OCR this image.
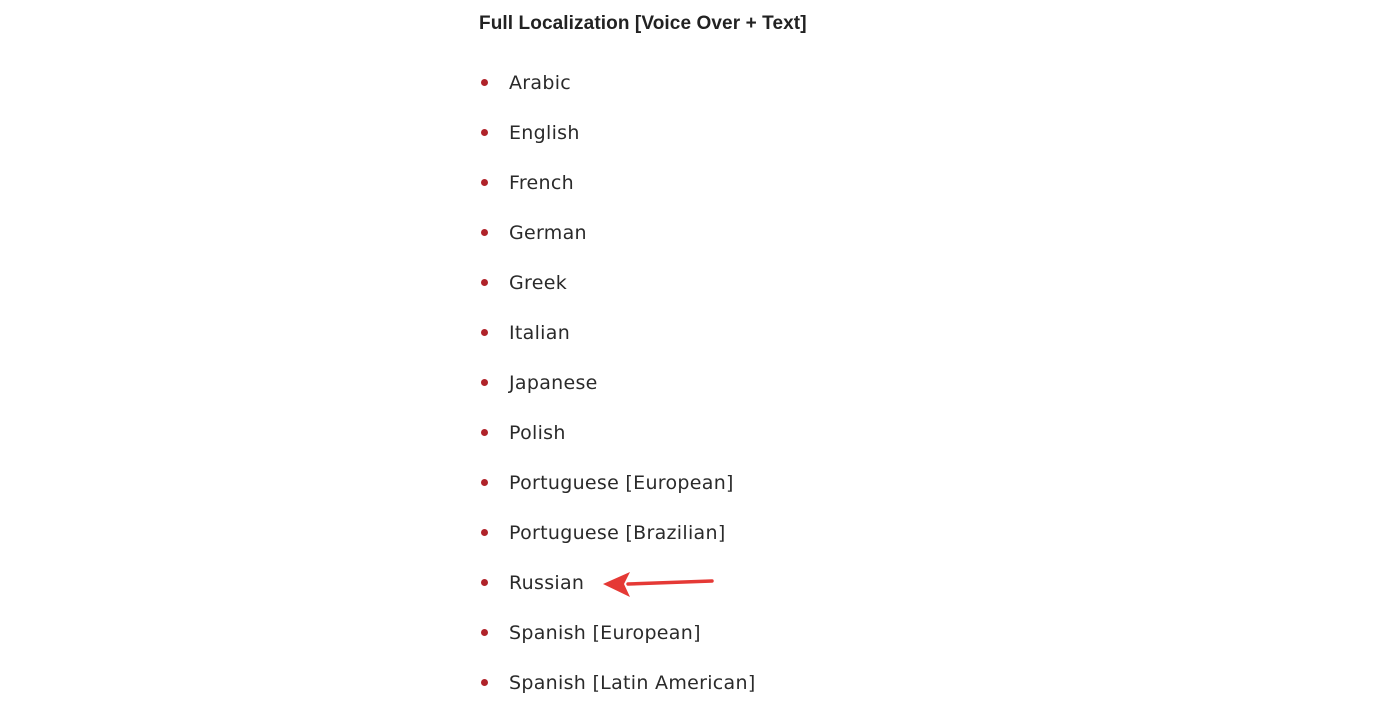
Full Localization [Voice Over + Text]
Arabic
English
French
German
Greek
Italian
Japanese
Polish
Portuguese [European]
Portuguese [Brazilian]
Russian
Spanish [European]
Spanish [Latin American]
